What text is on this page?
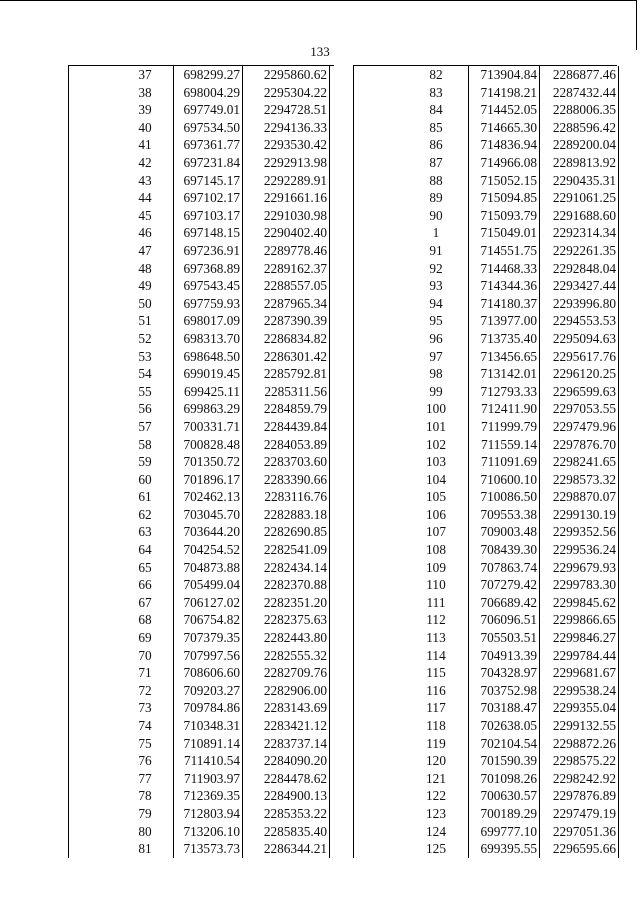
133
	37	698299.27	2295860.62
	38	698004.29	2295304.22
	39	697749.01	2294728.51
	40	697534.50	2294136.33
	41	697361.77	2293530.42
	42	697231.84	2292913.98
	43	697145.17	2292289.91
	44	697102.17	2291661.16
	45	697103.17	2291030.98
	46	697148.15	2290402.40
	47	697236.91	2289778.46
	48	697368.89	2289162.37
	49	697543.45	2288557.05
	50	697759.93	2287965.34
	51	698017.09	2287390.39
	52	698313.70	2286834.82
	53	698648.50	2286301.42
	54	699019.45	2285792.81
	55	699425.11	2285311.56
	56	699863.29	2284859.79
	57	700331.71	2284439.84
	58	700828.48	2284053.89
	59	701350.72	2283703.60
	60	701896.17	2283390.66
	61	702462.13	2283116.76
	62	703045.70	2282883.18
	63	703644.20	2282690.85
	64	704254.52	2282541.09
	65	704873.88	2282434.14
	66	705499.04	2282370.88
	67	706127.02	2282351.20
	68	706754.82	2282375.63
	69	707379.35	2282443.80
	70	707997.56	2282555.32
	71	708606.60	2282709.76
	72	709203.27	2282906.00
	73	709784.86	2283143.69
	74	710348.31	2283421.12
	75	710891.14	2283737.14
	76	711410.54	2284090.20
	77	711903.97	2284478.62
	78	712369.35	2284900.13
	79	712803.94	2285353.22
	80	713206.10	2285835.40
	81	713573.73	2286344.21
	82	713904.84	2286877.46
	83	714198.21	2287432.44
	84	714452.05	2288006.35
	85	714665.30	2288596.42
	86	714836.94	2289200.04
	87	714966.08	2289813.92
	88	715052.15	2290435.31
	89	715094.85	2291061.25
	90	715093.79	2291688.60
	1	715049.01	2292314.34
	91	714551.75	2292261.35
	92	714468.33	2292848.04
	93	714344.36	2293427.44
	94	714180.37	2293996.80
	95	713977.00	2294553.53
	96	713735.40	2295094.63
	97	713456.65	2295617.76
	98	713142.01	2296120.25
	99	712793.33	2296599.63
	100	712411.90	2297053.55
	101	711999.79	2297479.96
	102	711559.14	2297876.70
	103	711091.69	2298241.65
	104	710600.10	2298573.32
	105	710086.50	2298870.07
	106	709553.38	2299130.19
	107	709003.48	2299352.56
	108	708439.30	2299536.24
	109	707863.74	2299679.93
	110	707279.42	2299783.30
	111	706689.42	2299845.62
	112	706096.51	2299866.65
	113	705503.51	2299846.27
	114	704913.39	2299784.44
	115	704328.97	2299681.67
	116	703752.98	2299538.24
	117	703188.47	2299355.04
	118	702638.05	2299132.55
	119	702104.54	2298872.26
	120	701590.39	2298575.22
	121	701098.26	2298242.92
	122	700630.57	2297876.89
	123	700189.29	2297479.19
	124	699777.10	2297051.36
	125	699395.55	2296595.66
